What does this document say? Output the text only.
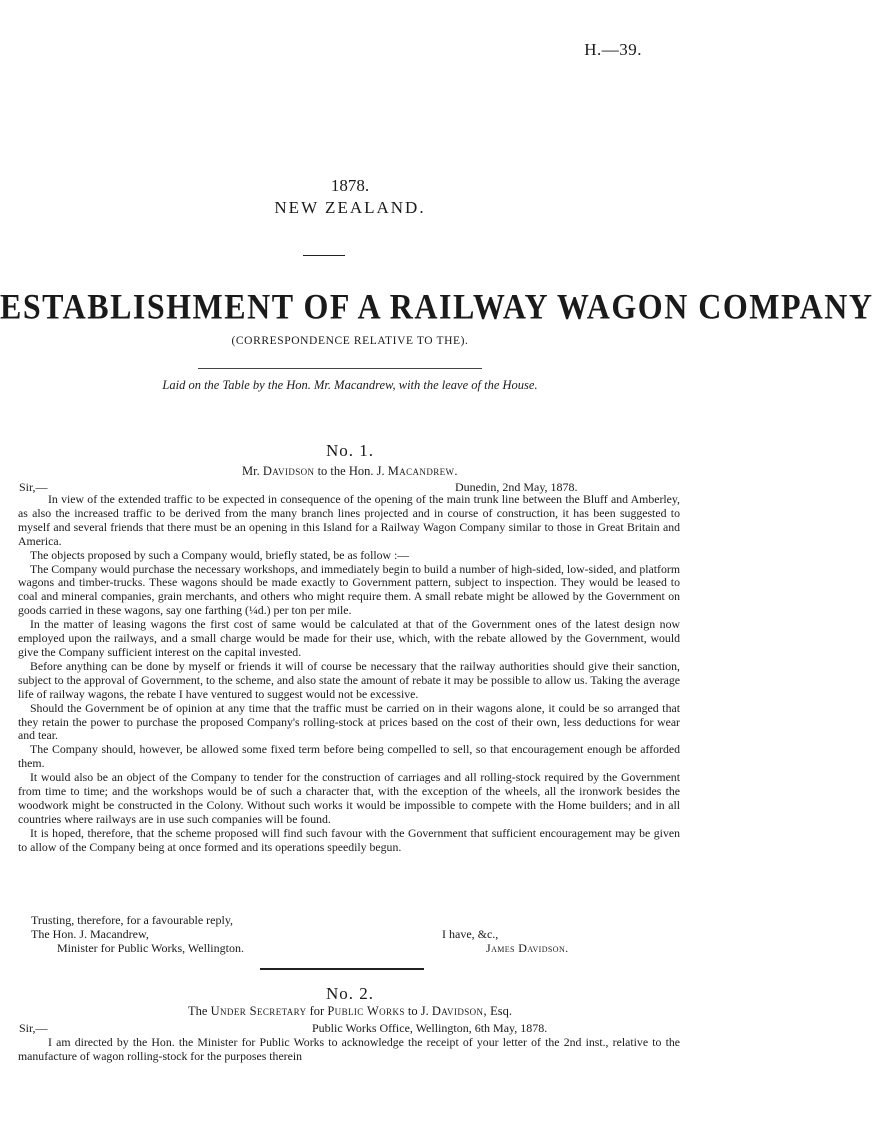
H.—39.
1878.
NEW ZEALAND.
ESTABLISHMENT OF A RAILWAY WAGON COMPANY
(CORRESPONDENCE RELATIVE TO THE).
Laid on the Table by the Hon. Mr. Macandrew, with the leave of the House.
No. 1.
Mr. Davidson to the Hon. J. Macandrew.
Sir,—	Dunedin, 2nd May, 1878.

In view of the extended traffic to be expected in consequence of the opening of the main trunk line between the Bluff and Amberley, as also the increased traffic to be derived from the many branch lines projected and in course of construction, it has been suggested to myself and several friends that there must be an opening in this Island for a Railway Wagon Company similar to those in Great Britain and America.

The objects proposed by such a Company would, briefly stated, be as follow :—

The Company would purchase the necessary workshops, and immediately begin to build a number of high-sided, low-sided, and platform wagons and timber-trucks. These wagons should be made exactly to Government pattern, subject to inspection. They would be leased to coal and mineral companies, grain merchants, and others who might require them. A small rebate might be allowed by the Government on goods carried in these wagons, say one farthing (¼d.) per ton per mile.

In the matter of leasing wagons the first cost of same would be calculated at that of the Government ones of the latest design now employed upon the railways, and a small charge would be made for their use, which, with the rebate allowed by the Government, would give the Company sufficient interest on the capital invested.

Before anything can be done by myself or friends it will of course be necessary that the railway authorities should give their sanction, subject to the approval of Government, to the scheme, and also state the amount of rebate it may be possible to allow us. Taking the average life of railway wagons, the rebate I have ventured to suggest would not be excessive.

Should the Government be of opinion at any time that the traffic must be carried on in their wagons alone, it could be so arranged that they retain the power to purchase the proposed Company's rolling-stock at prices based on the cost of their own, less deductions for wear and tear.

The Company should, however, be allowed some fixed term before being compelled to sell, so that encouragement enough be afforded them.

It would also be an object of the Company to tender for the construction of carriages and all rolling-stock required by the Government from time to time; and the workshops would be of such a character that, with the exception of the wheels, all the ironwork besides the woodwork might be constructed in the Colony. Without such works it would be impossible to compete with the Home builders; and in all countries where railways are in use such companies will be found.

It is hoped, therefore, that the scheme proposed will find such favour with the Government that sufficient encouragement may be given to allow of the Company being at once formed and its operations speedily begun.

Trusting, therefore, for a favourable reply,
The Hon. J. Macandrew,	I have, &c.,
Minister for Public Works, Wellington.	James Davidson.
No. 2.
The Under Secretary for Public Works to J. Davidson, Esq.
Sir,—	Public Works Office, Wellington, 6th May, 1878.

I am directed by the Hon. the Minister for Public Works to acknowledge the receipt of your letter of the 2nd inst., relative to the manufacture of wagon rolling-stock for the purposes therein
